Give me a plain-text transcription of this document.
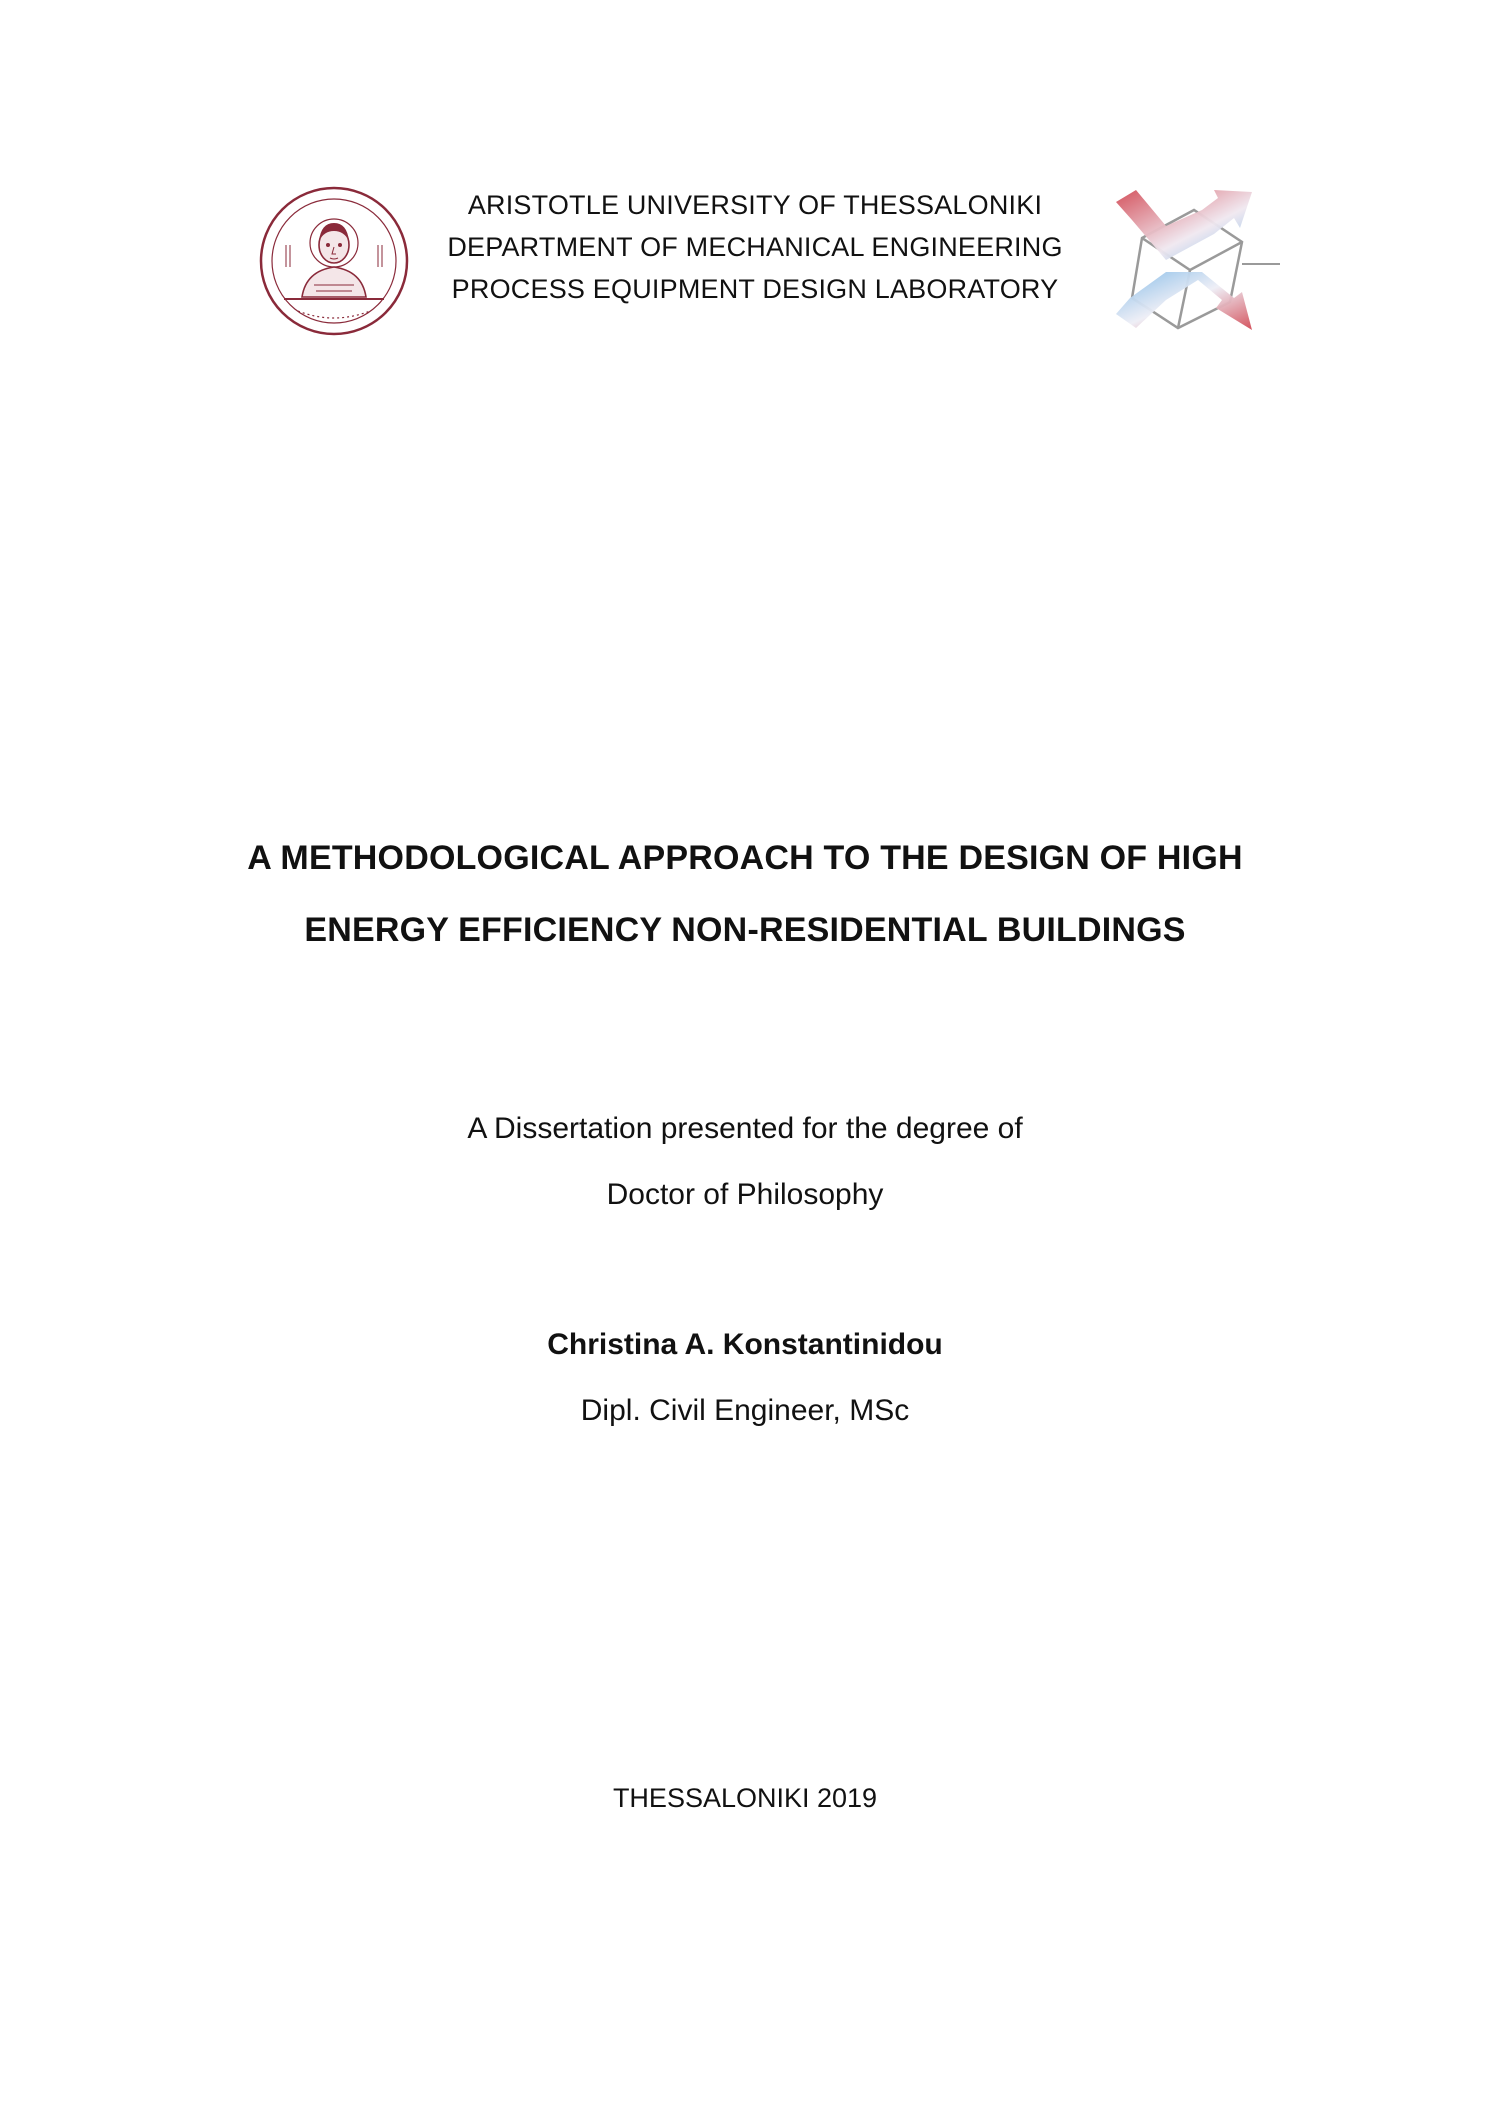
ARISTOTLE UNIVERSITY OF THESSALONIKI
DEPARTMENT OF MECHANICAL ENGINEERING
PROCESS EQUIPMENT DESIGN LABORATORY
A METHODOLOGICAL APPROACH TO THE DESIGN OF HIGH
ENERGY EFFICIENCY NON-RESIDENTIAL BUILDINGS
A Dissertation presented for the degree of
Doctor of Philosophy
Christina A. Konstantinidou
Dipl. Civil Engineer, MSc
THESSALONIKI 2019
